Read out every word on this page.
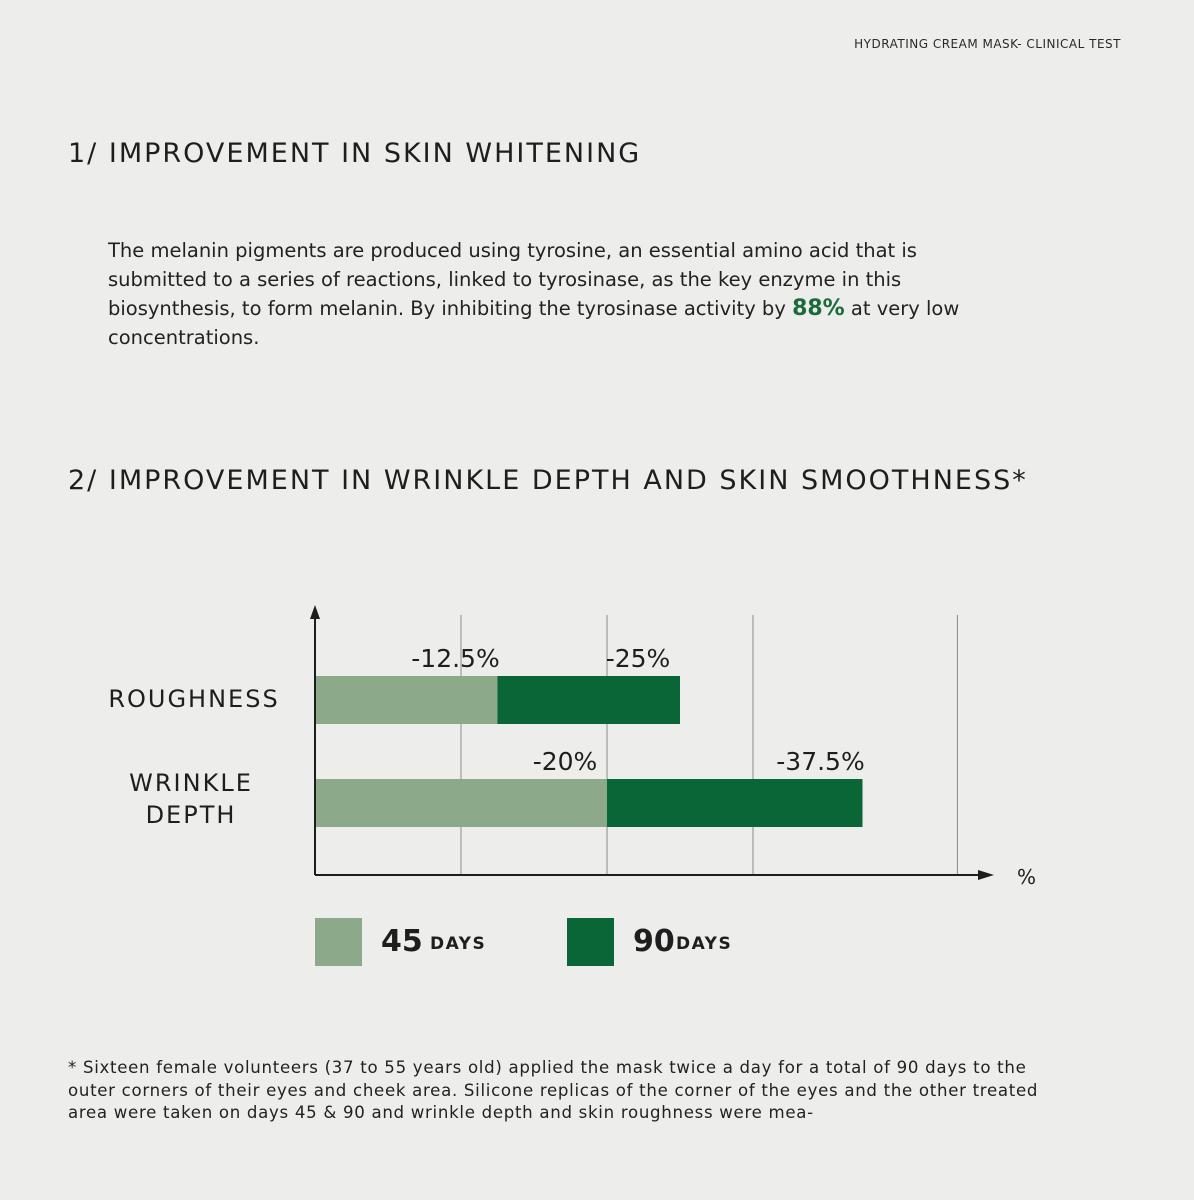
HYDRATING CREAM MASK- CLINICAL TEST
1/ IMPROVEMENT IN SKIN WHITENING

The melanin pigments are produced using tyrosine, an essential amino acid that is submitted to a series of reactions, linked to tyrosinase, as the key enzyme in this biosynthesis, to form melanin. By inhibiting the tyrosinase activity by 88% at very low concentrations.

2/ IMPROVEMENT IN WRINKLE DEPTH AND SKIN SMOOTHNESS*
-12.5%	-25%
-20%	-37.5%
ROUGHNESS
WRINKLE DEPTH
%
45 DAYS	90 DAYS

* Sixteen female volunteers (37 to 55 years old) applied the mask twice a day for a total of 90 days to the outer corners of their eyes and cheek area. Silicone replicas of the corner of the eyes and the other treated area were taken on days 45 & 90 and wrinkle depth and skin roughness were mea-
